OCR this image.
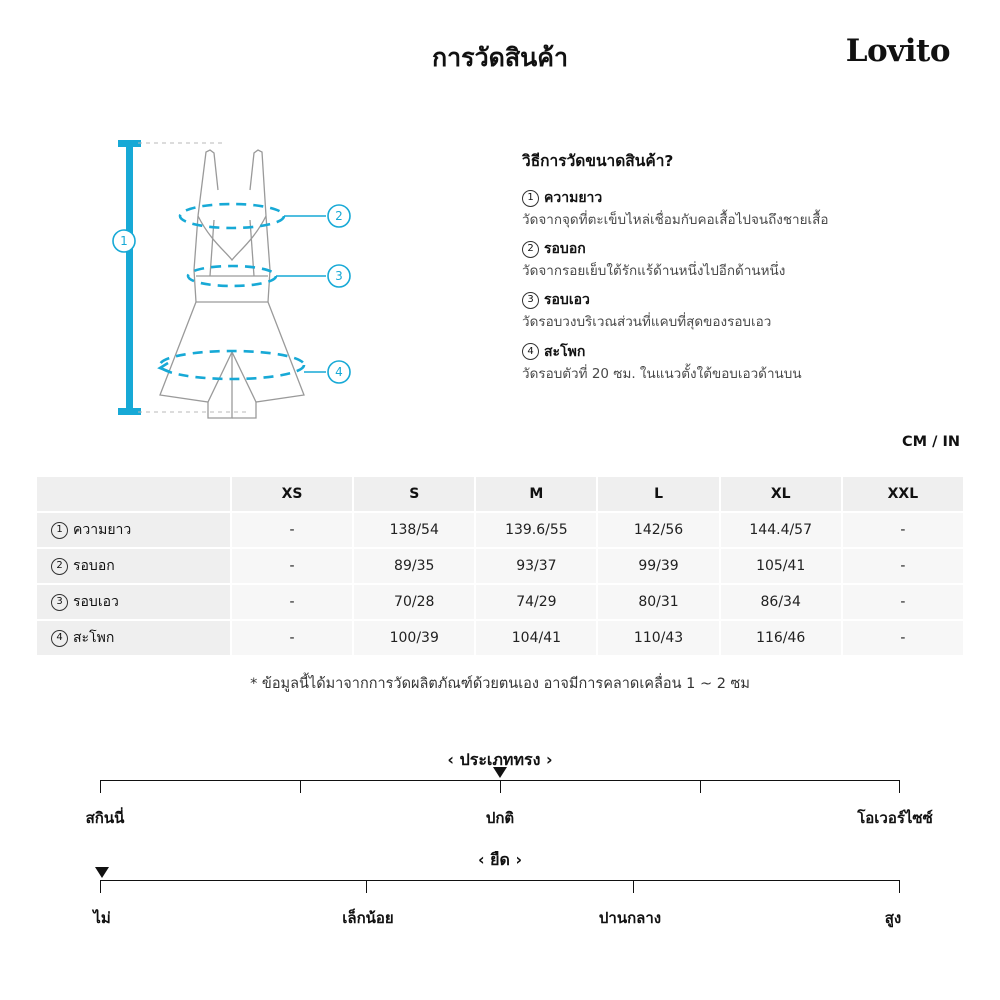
การวัดสินค้า	Lovito
1
2
3
4
วิธีการวัดขนาดสินค้า?
1 ความยาว
วัดจากจุดที่ตะเข็บไหล่เชื่อมกับคอเสื้อไปจนถึงชายเสื้อ
2 รอบอก
วัดจากรอยเย็บใต้รักแร้ด้านหนึ่งไปอีกด้านหนึ่ง
3 รอบเอว
วัดรอบวงบริเวณส่วนที่แคบที่สุดของรอบเอว
4 สะโพก
วัดรอบตัวที่ 20 ซม. ในแนวตั้งใต้ขอบเอวด้านบน
CM / IN
	XS	S	M	L	XL	XXL

1 ความยาว	-	138/54	139.6/55	142/56	144.4/57	-

2 รอบอก	-	89/35	93/37	99/39	105/41	-

3 รอบเอว	-	70/28	74/29	80/31	86/34	-

4 สะโพก	-	100/39	104/41	110/43	116/46	-
* ข้อมูลนี้ได้มาจากการวัดผลิตภัณฑ์ด้วยตนเอง อาจมีการคลาดเคลื่อน 1 ~ 2 ซม
‹ ประเภททรง ›
สกินนี่	ปกติ	โอเวอร์ไซซ์
‹ ยืด ›
ไม่	เล็กน้อย	ปานกลาง	สูง
